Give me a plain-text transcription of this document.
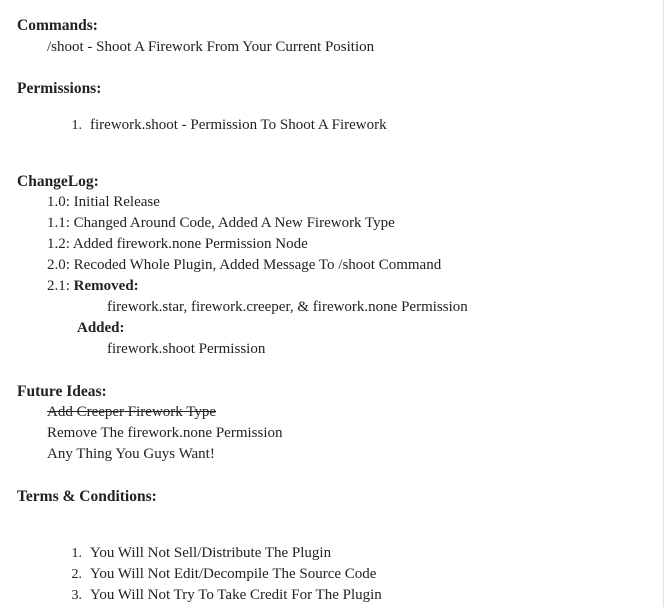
Commands:
/shoot - Shoot A Firework From Your Current Position
Permissions:
1. firework.shoot - Permission To Shoot A Firework
ChangeLog:
1.0: Initial Release
1.1: Changed Around Code, Added A New Firework Type
1.2: Added firework.none Permission Node
2.0: Recoded Whole Plugin, Added Message To /shoot Command
2.1: Removed:
firework.star, firework.creeper, & firework.none Permission
Added:
firework.shoot Permission
Future Ideas:
Add Creeper Firework Type
Remove The firework.none Permission
Any Thing You Guys Want!
Terms & Conditions:
1. You Will Not Sell/Distribute The Plugin
2. You Will Not Edit/Decompile The Source Code
3. You Will Not Try To Take Credit For The Plugin
